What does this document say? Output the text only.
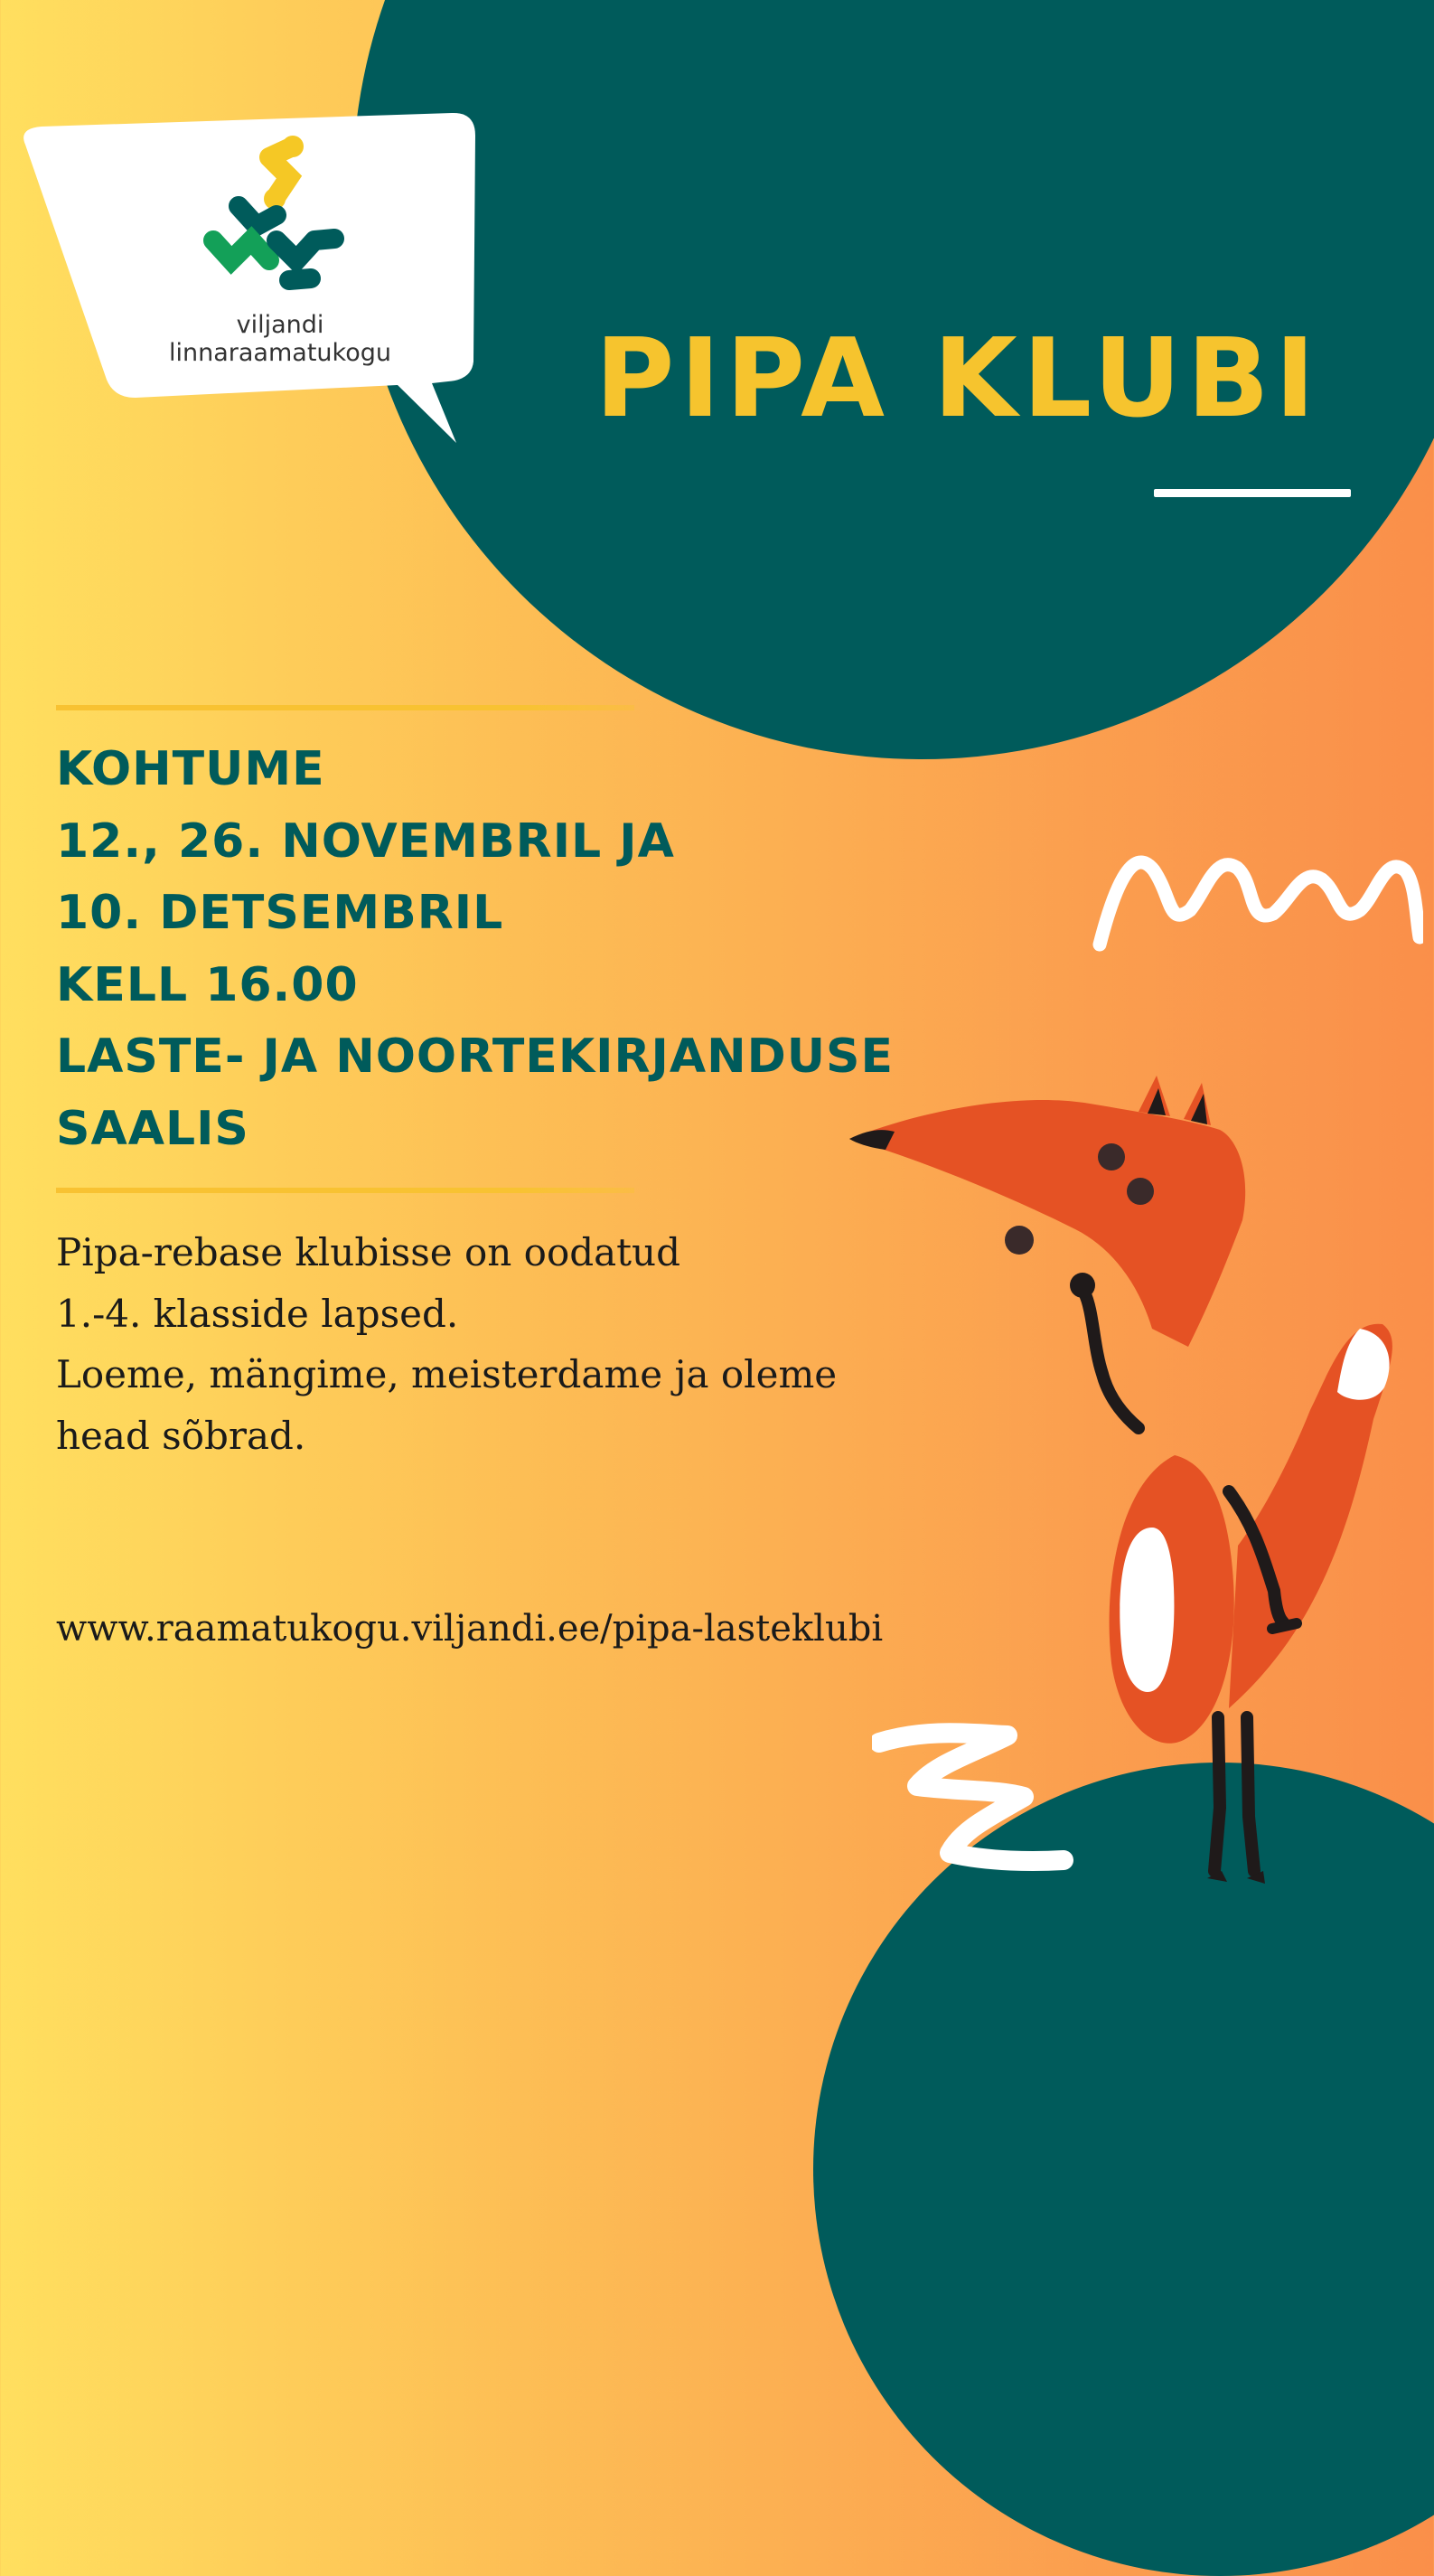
viljandi
linnaraamatukogu	PIPA KLUBI
KOHTUME
12., 26. NOVEMBRIL JA
10. DETSEMBRIL
KELL 16.00
LASTE- JA NOORTEKIRJANDUSE
SAALIS
Pipa-rebase klubisse on oodatud
1.-4. klasside lapsed.
Loeme, mängime, meisterdame ja oleme
head sõbrad.
www.raamatukogu.viljandi.ee/pipa-lasteklubi
